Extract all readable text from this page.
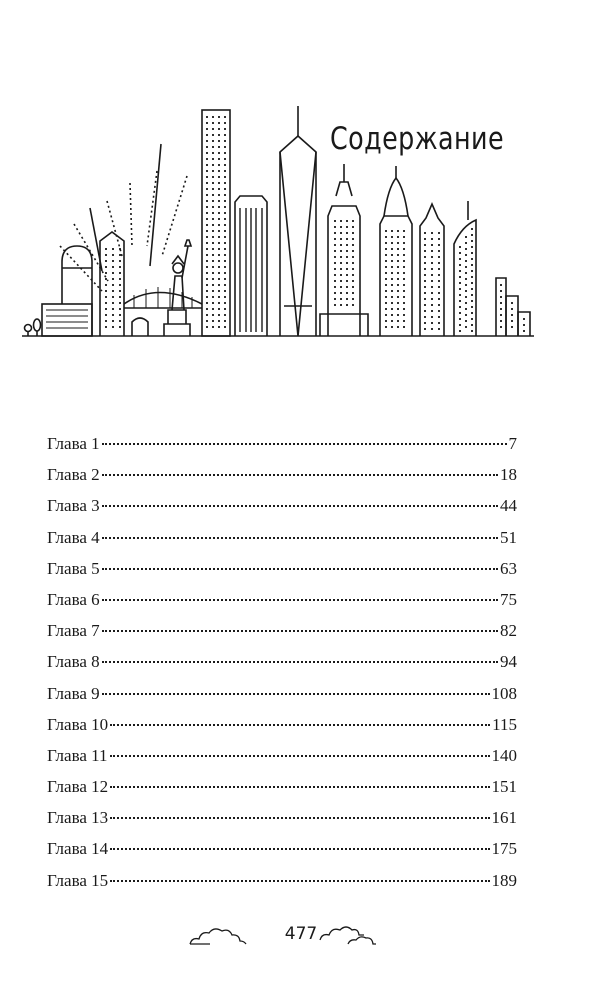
Содержание
Глава 1	7
Глава 2	18
Глава 3	44
Глава 4	51
Глава 5	63
Глава 6	75
Глава 7	82
Глава 8	94
Глава 9	108
Глава 10	115
Глава 11	140
Глава 12	151
Глава 13	161
Глава 14	175
Глава 15	189
477
